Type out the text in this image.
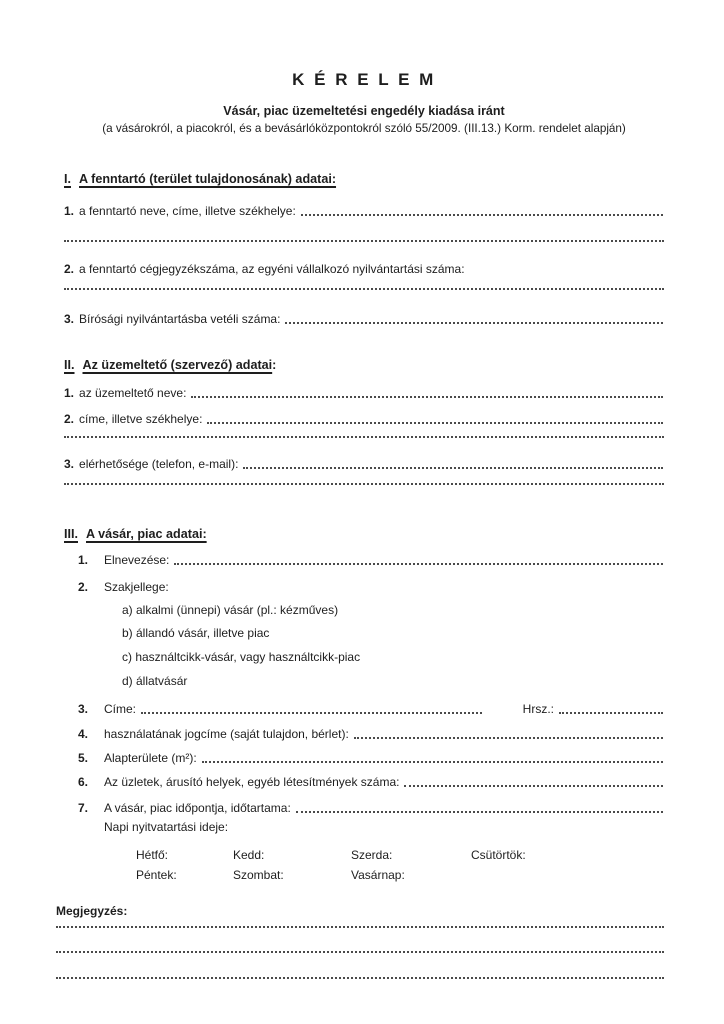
K É R E L E M
Vásár, piac üzemeltetési engedély kiadása iránt
(a vásárokról, a piacokról, és a bevásárlóközpontokról szóló 55/2009. (III.13.) Korm. rendelet alapján)
I. A fenntartó (terület tulajdonosának) adatai:
1. a fenntartó neve, címe, illetve székhelye:
2. a fenntartó cégjegyzékszáma, az egyéni vállalkozó nyilvántartási száma:
3. Bírósági nyilvántartásba vetéli száma:
II. Az üzemeltető (szervező) adatai:
1. az üzemeltető neve:
2. címe, illetve székhelye:
3. elérhetősége (telefon, e-mail):
III. A vásár, piac adatai:
1.	Elnevezése:
2.	Szakjellege:
a) alkalmi (ünnepi) vásár (pl.: kézműves)
b) állandó vásár, illetve piac
c) használtcikk-vásár, vagy használtcikk-piac
d) állatvásár
3.	Címe:	Hrsz.:
4.	használatának jogcíme (saját tulajdon, bérlet):
5.	Alapterülete (m²):
6.	Az üzletek, árusító helyek, egyéb létesítmények száma:
7.	A vásár, piac időpontja, időtartama:
Napi nyitvatartási ideje:
Hétfő:	Kedd:	Szerda:	Csütörtök:
Péntek:	Szombat:	Vasárnap:
Megjegyzés:
